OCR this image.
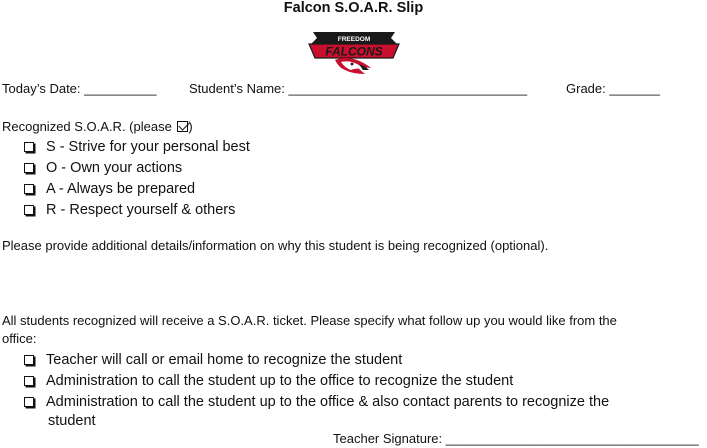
Falcon S.O.A.R. Slip
FREEDOM
FALCONS
Today’s Date: __________	Student’s Name: _________________________________	Grade: _______
Recognized S.O.A.R. (please )
S - Strive for your personal best
O - Own your actions
A - Always be prepared
R - Respect yourself & others
Please provide additional details/information on why this student is being recognized (optional).
All students recognized will receive a S.O.A.R. ticket. Please specify what follow up you would like from the
office:
Teacher will call or email home to recognize the student
Administration to call the student up to the office to recognize the student
Administration to call the student up to the office & also contact parents to recognize the
student
Teacher Signature: ___________________________________
